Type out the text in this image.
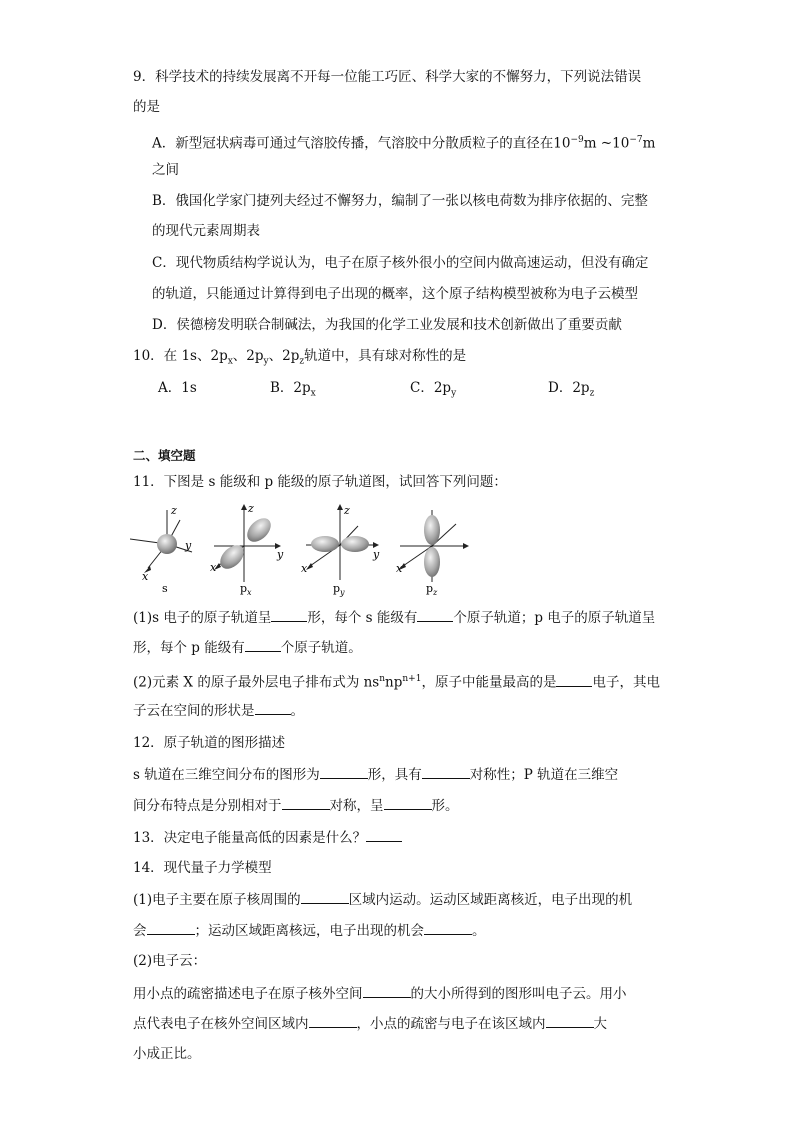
9．科学技术的持续发展离不开每一位能工巧匠、科学大家的不懈努力，下列说法错误
的是
A．新型冠状病毒可通过气溶胶传播，气溶胶中分散质粒子的直径在$10^{-9}m$ $\sim 10^{-7}m$
之间
B．俄国化学家门捷列夫经过不懈努力，编制了一张以核电荷数为排序依据的、完整
的现代元素周期表
C．现代物质结构学说认为，电子在原子核外很小的空间内做高速运动，但没有确定
的轨道，只能通过计算得到电子出现的概率，这个原子结构模型被称为电子云模型
D．侯德榜发明联合制碱法，为我国的化学工业发展和技术创新做出了重要贡献
10．在 1s、$2p_x$、$2p_y$、$2p_z$轨道中，具有球对称性的是
A．1s	B．$2p_x$	C．$2p_y$	D．$2p_z$
二、填空题
11．下图是 s 能级和 p 能级的原子轨道图，试回答下列问题：
z
y
x
s
z
y
x
$p_x$
z
y
x
$p_y$
x
$p_z$
(1)s 电子的原子轨道呈	形，每个 s 能级有	个原子轨道；p 电子的原子轨道呈
形，每个 p 能级有	个原子轨道。
(2)元素 X 的原子最外层电子排布式为 $ns^nnp^{n+1}$，原子中能量最高的是	电子，其电
子云在空间的形状是	。
12．原子轨道的图形描述
s 轨道在三维空间分布的图形为	形，具有	对称性；P 轨道在三维空
间分布特点是分别相对于	对称，呈	形。
13．决定电子能量高低的因素是什么？
14．现代量子力学模型
(1)电子主要在原子核周围的	区域内运动。运动区域距离核近，电子出现的机
会	；运动区域距离核远，电子出现的机会	。
(2)电子云：
用小点的疏密描述电子在原子核外空间	的大小所得到的图形叫电子云。用小
点代表电子在核外空间区域内	，小点的疏密与电子在该区域内	大
小成正比。
